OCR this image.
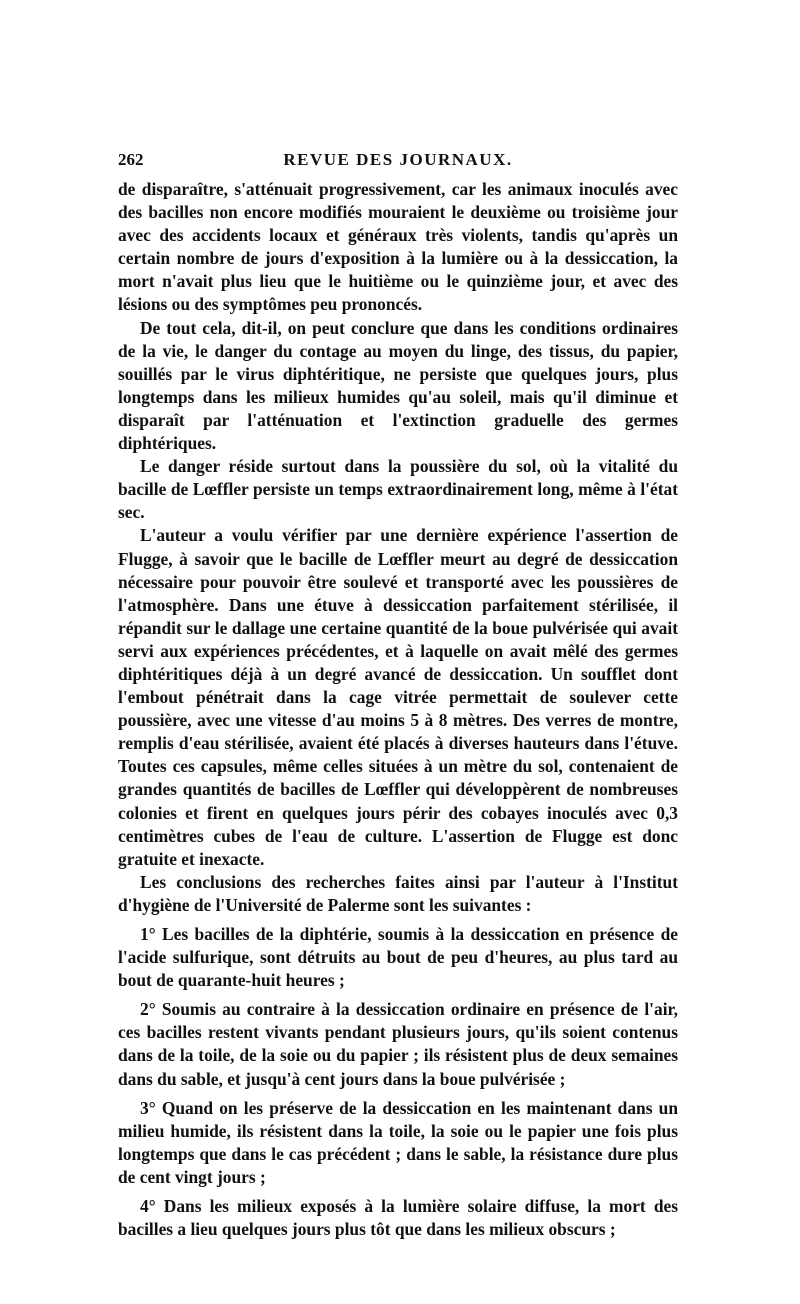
262	REVUE DES JOURNAUX.

de disparaître, s'atténuait progressivement, car les animaux inoculés avec des bacilles non encore modifiés mouraient le deuxième ou troisième jour avec des accidents locaux et généraux très violents, tandis qu'après un certain nombre de jours d'exposition à la lumière ou à la dessiccation, la mort n'avait plus lieu que le huitième ou le quinzième jour, et avec des lésions ou des symptômes peu prononcés.

De tout cela, dit-il, on peut conclure que dans les conditions ordinaires de la vie, le danger du contage au moyen du linge, des tissus, du papier, souillés par le virus diphtéritique, ne persiste que quelques jours, plus longtemps dans les milieux humides qu'au soleil, mais qu'il diminue et disparaît par l'atténuation et l'extinction graduelle des germes diphtériques.

Le danger réside surtout dans la poussière du sol, où la vitalité du bacille de Lœffler persiste un temps extraordinairement long, même à l'état sec.

L'auteur a voulu vérifier par une dernière expérience l'assertion de Flugge, à savoir que le bacille de Lœffler meurt au degré de dessiccation nécessaire pour pouvoir être soulevé et transporté avec les poussières de l'atmosphère. Dans une étuve à dessiccation parfaitement stérilisée, il répandit sur le dallage une certaine quantité de la boue pulvérisée qui avait servi aux expériences précédentes, et à laquelle on avait mêlé des germes diphtéritiques déjà à un degré avancé de dessiccation. Un soufflet dont l'embout pénétrait dans la cage vitrée permettait de soulever cette poussière, avec une vitesse d'au moins 5 à 8 mètres. Des verres de montre, remplis d'eau stérilisée, avaient été placés à diverses hauteurs dans l'étuve. Toutes ces capsules, même celles situées à un mètre du sol, contenaient de grandes quantités de bacilles de Lœffler qui développèrent de nombreuses colonies et firent en quelques jours périr des cobayes inoculés avec 0,3 centimètres cubes de l'eau de culture. L'assertion de Flugge est donc gratuite et inexacte.

Les conclusions des recherches faites ainsi par l'auteur à l'Institut d'hygiène de l'Université de Palerme sont les suivantes :

1° Les bacilles de la diphtérie, soumis à la dessiccation en présence de l'acide sulfurique, sont détruits au bout de peu d'heures, au plus tard au bout de quarante-huit heures ;

2° Soumis au contraire à la dessiccation ordinaire en présence de l'air, ces bacilles restent vivants pendant plusieurs jours, qu'ils soient contenus dans de la toile, de la soie ou du papier ; ils résistent plus de deux semaines dans du sable, et jusqu'à cent jours dans la boue pulvérisée ;

3° Quand on les préserve de la dessiccation en les maintenant dans un milieu humide, ils résistent dans la toile, la soie ou le papier une fois plus longtemps que dans le cas précédent ; dans le sable, la résistance dure plus de cent vingt jours ;

4° Dans les milieux exposés à la lumière solaire diffuse, la mort des bacilles a lieu quelques jours plus tôt que dans les milieux obscurs ;
